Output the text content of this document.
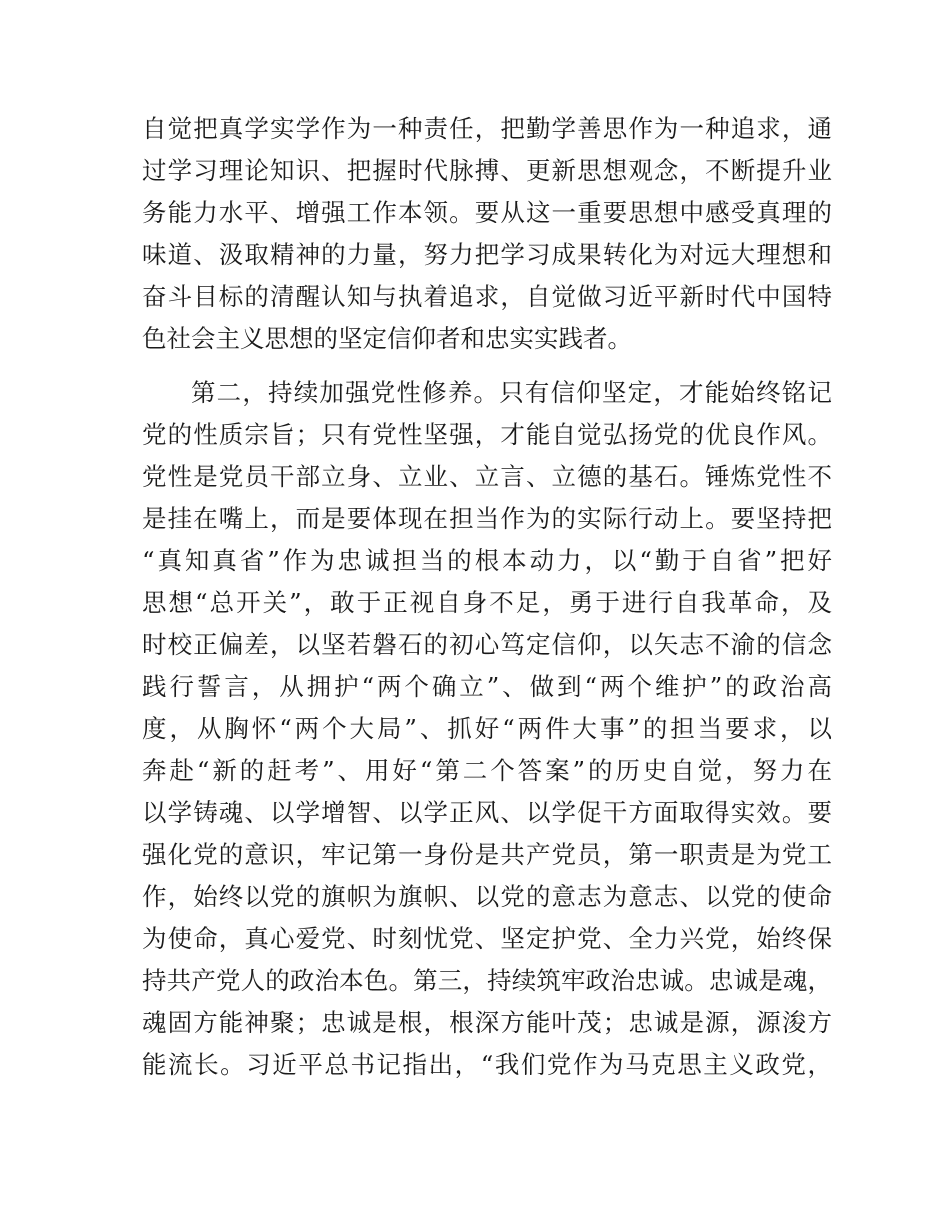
自觉把真学实学作为一种责任，把勤学善思作为一种追求，通
过学习理论知识、把握时代脉搏、更新思想观念，不断提升业
务能力水平、增强工作本领。要从这一重要思想中感受真理的
味道、汲取精神的力量，努力把学习成果转化为对远大理想和
奋斗目标的清醒认知与执着追求，自觉做习近平新时代中国特
色社会主义思想的坚定信仰者和忠实实践者。
第二，持续加强党性修养。只有信仰坚定，才能始终铭记
党的性质宗旨；只有党性坚强，才能自觉弘扬党的优良作风。
党性是党员干部立身、立业、立言、立德的基石。锤炼党性不
是挂在嘴上，而是要体现在担当作为的实际行动上。要坚持把
“真知真省”作为忠诚担当的根本动力，以“勤于自省”把好
思想“总开关”，敢于正视自身不足，勇于进行自我革命，及
时校正偏差，以坚若磐石的初心笃定信仰，以矢志不渝的信念
践行誓言，从拥护“两个确立”、做到“两个维护”的政治高
度，从胸怀“两个大局”、抓好“两件大事”的担当要求，以
奔赴“新的赶考”、用好“第二个答案”的历史自觉，努力在
以学铸魂、以学增智、以学正风、以学促干方面取得实效。要
强化党的意识，牢记第一身份是共产党员，第一职责是为党工
作，始终以党的旗帜为旗帜、以党的意志为意志、以党的使命
为使命，真心爱党、时刻忧党、坚定护党、全力兴党，始终保
持共产党人的政治本色。第三，持续筑牢政治忠诚。忠诚是魂，
魂固方能神聚；忠诚是根，根深方能叶茂；忠诚是源，源浚方
能流长。习近平总书记指出，“我们党作为马克思主义政党，
